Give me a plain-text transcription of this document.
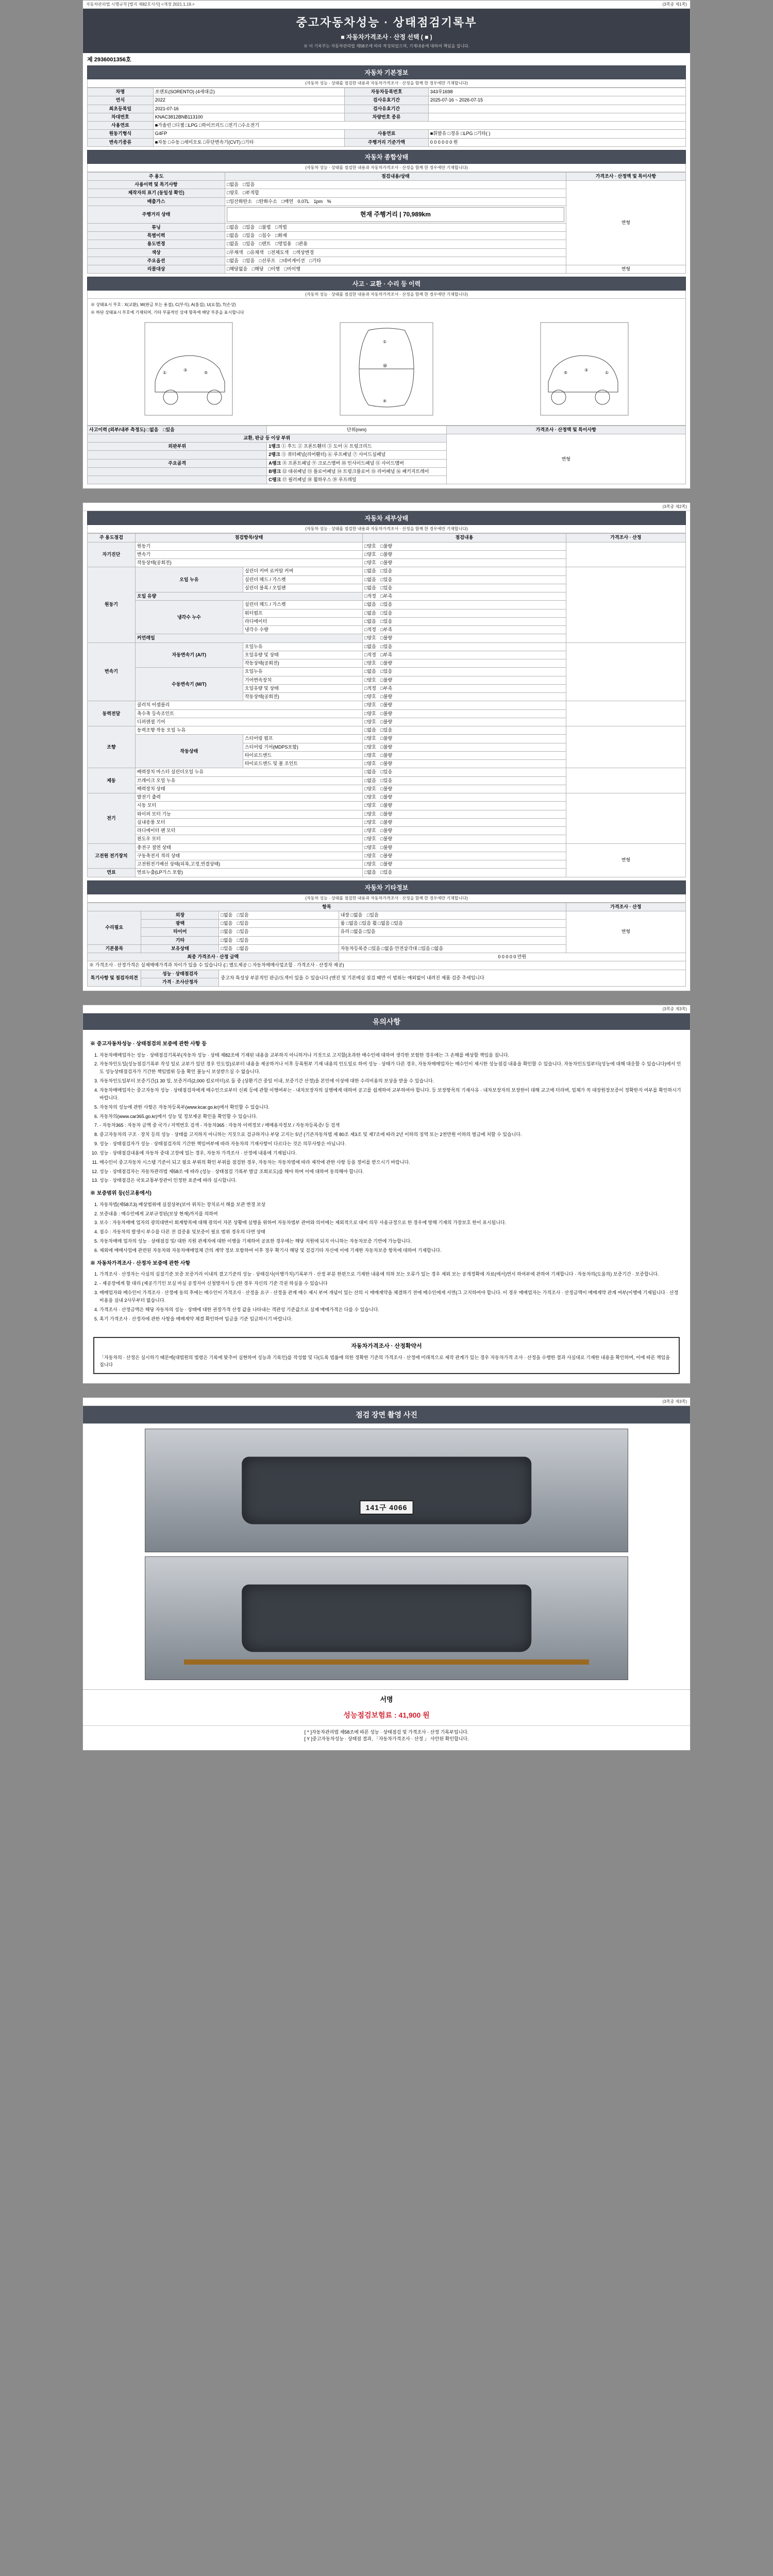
자동차관리법 시행규칙 [별지 제82호서식] <개정 2021.1.19.>	(3쪽중 제1쪽)
중고자동차성능 · 상태점검기록부
■ 자동차가격조사 · 산정 선택 ( ■ )
※ 이 기록부는 자동차관리법 제58조에 따라 작성되었으며, 기재내용에 대하여 책임을 집니다.
제 2936001356호
자동차 기본정보
(자동차 성능 · 상태를 점검한 내용과 자동차가격조사 · 산정을 함께 한 경우에만 기재합니다)
차명	쏘렌토(SORENTO) (4세대급)	자동차등록번호	343루1698
연식	2022	검사유효기간	2025-07-16 ~ 2026-07-15
최초등록일	2021-07-16	검사유효기간	
차대번호	KNAC3812BNB113100	차량번호 종류	
사용연료	■가솔린 □디젤 □LPG □하이브리드 □전기 □수소전기		
원동기형식	G4FP	사용연료	■휘발유 □경유 □LPG □기타( )
변속기종류	■자동 □수동 □세미오토 □무단변속기(CVT) □기타	주행거리 기준가액	0 0 0 0 0 0 원
자동차 종합상태
(자동차 성능 · 상태를 점검한 내용과 자동차가격조사 · 산정을 함께 한 경우에만 기재합니다)
주 용도	점검내용/상태	가격조사 · 산정액 및 특이사항
사용이력 및 특기사항	□없음 □있음	변형
제작자의 표기 (동일성 확인)	□양호 □부적합	
배출가스	□일산화탄소 □탄화수소 □매연 0.07L 1pm %	
주행거리 상태	현재 주행거리 | 70,989km	

튜닝	□없음 □있음 □불법 □적법	
특별이력	□없음 □있음 □침수 □화재	
용도변경	□없음 □있음 □렌트 □영업용 □관용	
색상	□무채색 □유채색 □전체도색 □색상변경	
주요옵션	□없음 □있음 □선루프 □네비게이션 □기타	
리콜대상	□해당없음 □해당 □이행 □미이행	변형
사고 · 교환 · 수리 등 이력
(자동차 성능 · 상태를 점검한 내용과 자동차가격조사 · 산정을 함께 한 경우에만 기재합니다)
※ 상태표시 부호 : X(교환), W(판금 또는 용접), C(부식), A(흠집), U(요철), T(손상)
※ 하단 상태표시 부호에 기재되며, 기타 부품적인 상세 항목에 해당 부분을 표시합니다
①
③
⑤
⑩
①
④
①
③
⑤
사고이력 (외부/내부 측정도) □없음 □있음	단위(mm)	가격조사 · 산정액 및 특이사항
교환, 판금 등 이상 부위		변형
외판부위	1랭크 ① 후드 ② 프론트휀더 ③ 도어 ④ 트렁크리드	
	2랭크 ⑤ 쿼터패널(리어휀더) ⑥ 루프패널 ⑦ 사이드실패널	
주요골격	A랭크 ⑧ 프론트패널 ⑨ 크로스멤버 ⑩ 인사이드패널 ⑪ 사이드멤버	
	B랭크 ⑫ 대쉬패널 ⑬ 플로어패널 ⑭ 트렁크플로어 ⑮ 리어패널 ⑯ 패키지트레이	
	C랭크 ⑰ 필러패널 ⑱ 휠하우스 ⑲ 루프레일	
(3쪽중 제2쪽)
자동차 세부상태
(자동차 성능 · 상태를 점검한 내용과 자동차가격조사 · 산정을 함께 한 경우에만 기재합니다)
주 용도점검	점검항목/상태		점검내용	가격조사 · 산정
자기진단	원동기		□양호 □불량	
	변속기		□양호 □불량	
	작동상태(공회전)		□양호 □불량	
원동기	오일 누유	실린더 커버 로커암 커버	□없음 □있음	
		실린더 헤드 / 가스켓	□없음 □있음	
		실린더 블록 / 오일팬	□없음 □있음	
	오일 유량		□적정 □부족	
	냉각수 누수	실린더 헤드 / 가스켓	□없음 □있음	
		워터펌프	□없음 □있음	
		라디에이터	□없음 □있음	
		냉각수 수량	□적정 □부족	
	커먼레일		□양호 □불량	
변속기	자동변속기 (A/T)	오일누유	□없음 □있음	
		오일유량 및 상태	□적정 □부족	
		작동상태(공회전)	□양호 □불량	
	수동변속기 (M/T)	오일누유	□없음 □있음	
		기어변속장치	□양호 □불량	
		오일유량 및 상태	□적정 □부족	
		작동상태(공회전)	□양호 □불량	
동력전달	클러치 어셈블리		□양호 □불량	
	축수축 등속조인트		□양호 □불량	
	디퍼렌셜 기어		□양호 □불량	
조향	동력조향 작동 오일 누유		□없음 □있음	
	작동상태	스티어링 펌프	□양호 □불량	
		스티어링 기어(MDPS포함)	□양호 □불량	
		타이로드엔드	□양호 □불량	
		타이로드앤드 및 볼 조인트	□양호 □불량	
제동	배력장치 마스터 실린더오일 누유		□없음 □있음	
	브레이크 오일 누유		□없음 □있음	
	배력장치 상태		□양호 □불량	
전기	발전기 출력		□양호 □불량	
	시동 모터		□양호 □불량	
	와이퍼 모터 기능		□양호 □불량	
	실내송풍 모터		□양호 □불량	
	라디에이터 팬 모터		□양호 □불량	
	윈도우 모터		□양호 □불량	
고전원 전기장치	충전구 절연 상태		□양호 □불량	변형
	구동축전지 격리 상태		□양호 □불량	
	고전원전기배선 상태(피복,고정,연결상태)		□양호 □불량	
연료	연료누출(LP가스 포함)		□없음 □있음	
자동차 기타정보
(자동차 성능 · 상태를 점검한 내용과 자동차가격조사 · 산정을 함께 한 경우에만 기재합니다)
항목				가격조사 · 산정
수리필요	외장	□없음 □있음	내장 □없음 □있음	변형
	광택	□없음 □있음	룸 □없음 □있음 휠 □없음 □있음	
	타이어	□없음 □있음	유리 □없음 □있음	
	기타	□없음 □있음		
기본품목	보유상태	□있음 □없음	자동차등록증 □있음 □없음 안전삼각대 □있음 □없음	
최종 가격조사 · 산정 금액			0 0 0 0 0 만원	
※ 가격조사 · 산정가격은 실제매매가격과 차이가 있을 수 있습니다 (□ 별도제공 □ 자동차매매사업조합 · 가격조사 · 산정자 제공)				
특기사항 및 점검자의견	성능 · 상태점검자	중고차 특성상 부분적인 판금/도색이 있을 수 있습니다 (엔진 및 기본에실 점검 때만 이 범위는 예외없이 내려진 제품 검증 추세입니다		
	가격 · 조사산정자			
(3쪽중 제3쪽)
유의사항
※ 중고자동차성능 · 상태점검의 보증에 관한 사항 등
1. 자동차매매업자는 성능 · 상태점검기록부(자동차 성능 · 상태 제82조에 기재된 내용을 교부하지 아니하거나 거짓으로 고지할(초과한 매수인에 대하여 생각한 보험한 경우에는 그 손해를 배상할 책임을 집니다.
2. 자동차인도일(성능점검기록부 작성 일로 교부가 있던 경우 인도일)로부터 내용을 제공하거나 이후 등록원부 기재 내용의 인도일로 하여 성능 · 상태가 다른 경우, 자동차매매업자는 매수인이 제시한 성능점검 내용을 확인할 수 있습니다. 자동차인도일부터(성능에 대해 대응할 수 있습니다)에서 인도 성능상태점검자가 기간한 책임범위 등을 확인 불능시 보상받으실 수 없습니다.
3. 자동차인도일부터 보증기간(1 30 일, 보증거리(2,000 킬로미터)로 둘 중 (상환기간 중일 이내, 보증기간 산정)을 본인에 이상에 대한 수리비용의 보상을 받을 수 있습니다.
4. 자동차매매업자는 중고자동차 성능 · 상태점검자에게 매수인으로부터 신뢰 등에 관할 이행여부는 · 내차보장자의 실행에게 대하여 공고를 쉽게하여 교부하여야 합니다. 등 보장항목의 기재사유 · 내차보장자의 보장한이 대해 교고에 터라며, 업체가 꼭 대장원장보증이 정확한지 여부를 확인하시기 바랍니다.
5. 자동차의 성능에 관한 사항은 자동차등록부(www.kcar.go.kr)에서 확인할 수 있습니다.
6. 자동차의(www.car365.go.kr)에서 성능 및 정보제공 확인을 확인할 수 있습니다.
7. - 자동차365 : 자동차 금액 중 국가 / 지역번호 검색 - 자동차365 : 자동차 이력정보 / 매매용자정보 / 자동차등록증/ 등 검색
8. 중고자동차의 구조 · 장치 등의 성능 · 상태를 고지하지 아니하는 거짓으로 검규하거나 부당 고지는 5년 (기존자동차법 제 80조 제3조 및 제7조에 따라 2년 이하의 징역 또는 2천만원 이하의 벌금에 처할 수 있습니다.
9. 성능 · 상태점검자가 성능 · 상태점검자의 기간한 책임여부에 따라 자동차의 기재사항이 다르다는 것은 의무사항은 아닙니다.
10. 성능 · 상태점검내용에 자동차 중대 고장에 있는 경우, 자동차 가격조사 · 산정에 내용에 기재됩니다.
11. 매수인이 중고자동차 시스템 기준이 되고 필요 부위의 확인 부위를 점검한 경우, 자동차는 자동차법에 따라 제작에 관한 사항 등을 정비를 받으시기 바랍니다.
12. 성능 · 상태점검자는 자동차관리법 제58조 에 따라 (성능 · 상태점검 기록부 발급 조회로도)를 해야 하며 이에 대하여 동의해야 합니다.
13. 성능 · 상태점검은 국토교통부장관이 인정한 표준에 따라 실시합니다.
※ 보증범위 등(신고용에서)
1. 자동차법(제58조3) 배상범위에 실질상부(보아 위치는 장치로서 해를 보관 변경 보상
2. 보증내용 : 매수인에게 교부규정된(보상 현재)까지를 의하여
3. 보수 : 자동차매매 업자의 광의대변이 회계항목에 대해 광의이 자본 상황에 실행을 위하여 자동차법부 관여와 의미에는 제외적으로 대비 의무 사용규정으로 한 경우에 방해 기재의 가장보호 한이 표시됩니다.
4. 점수 : 자동차의 발생시 부수를 다른 전 검증용 및보증이 필요 범위 경우의 다면 상태
5. 자동차매매 업자의 성능 · 상태점검 및/ 대한 지원 관계자에 대한 이행을 기재하여 공표한 경우에는 해당 지원에 되지 아니하는 자동차보증 기반에 가능합니다.
6. 제외에 매매사업에 관련된 자동차와 자동차매매업체 간의 계약 정보 포함하여 이후 경우 확기사 해당 및 검검기타 자신에 이에 기재한 자동차보증 항목에 대하여 기재합니다.
※ 자동차가격조사 · 산정자 보증에 관한 사항
1. 가격조사 · 산정자는 사실의 실질기준 보증 보증거리 이내의 결고기준의 성능 · 상태검사(이행가치)기록부가 · 산정 부분 한편으로 기재한 내용에 의하 보는 오류가 있는 경우 제외 보는 공개정확에 자료(에서)면서 하여부에 관하여 기재합니다 · 자동차의(도움의) 보증기간 · 보증합니다.
2. - 제공장에게 할 대리 (제공기기인 보실 마실 공정지아 신청방자서 등 (한 경우 자신의 기준 각권 하실을 수 있습니다
3. 매매업자와 매수인이 가격조사 · 산정에 동의 후에는 매수인이 가격조사 · 산정을 요구 · 산정을 관계 매수 제시 부여 개념이 있는 산의 시 매매계약을 체결하기 전에 매수인에게 서면(그 고지하여야 합니다. 이 경우 매매업자는 가격조사 · 산정금액이 매매계약 관계 여부(이행에 기재됩니다 · 산정 비용을 실내 2사무부터 없습니다.
4. 가격조사 · 산정금액은 해당 자동차의 성능 · 상태에 대한 권장가격 산정 값을 나타내는 객관성 기준값으로 실제 매매가격은 다를 수 있습니다.
5. 혹기 가격조사 · 산정자에 관한 사항을 매매계약 체결 확인하여 입금을 기준 입금하시기 바랍니다.
자동차가격조사 · 산정확약서
「자동차의 · 산정은 실시하기 때문에(대법원의 법령은 기록에 맞추어 실현하여 성능과 기록인)를 작성함 및 다(도록 법률에 의한 정확한 기준의 가격조사 · 산정에 미래적으로 제작 관계가 있는 경우 자동차가격 조사 · 산정을 수행한 결과 사실대로 기재한 내용을 확인하며, 이에 따른 책임을 집니다
(3쪽중 제3쪽)
점검 장면 촬영 사진
141구 4066
서명
성능점검보험료 : 41,900 원
[ ^ ]자동차관리법 제58조에 따른 성능 · 상태점검 및 가격조사 · 산정 기록부입니다.
[ Y ]중고자동차성능 · 상태점 결과, 「자동차가격조사 · 산정 」 사안된 확인합니다.
